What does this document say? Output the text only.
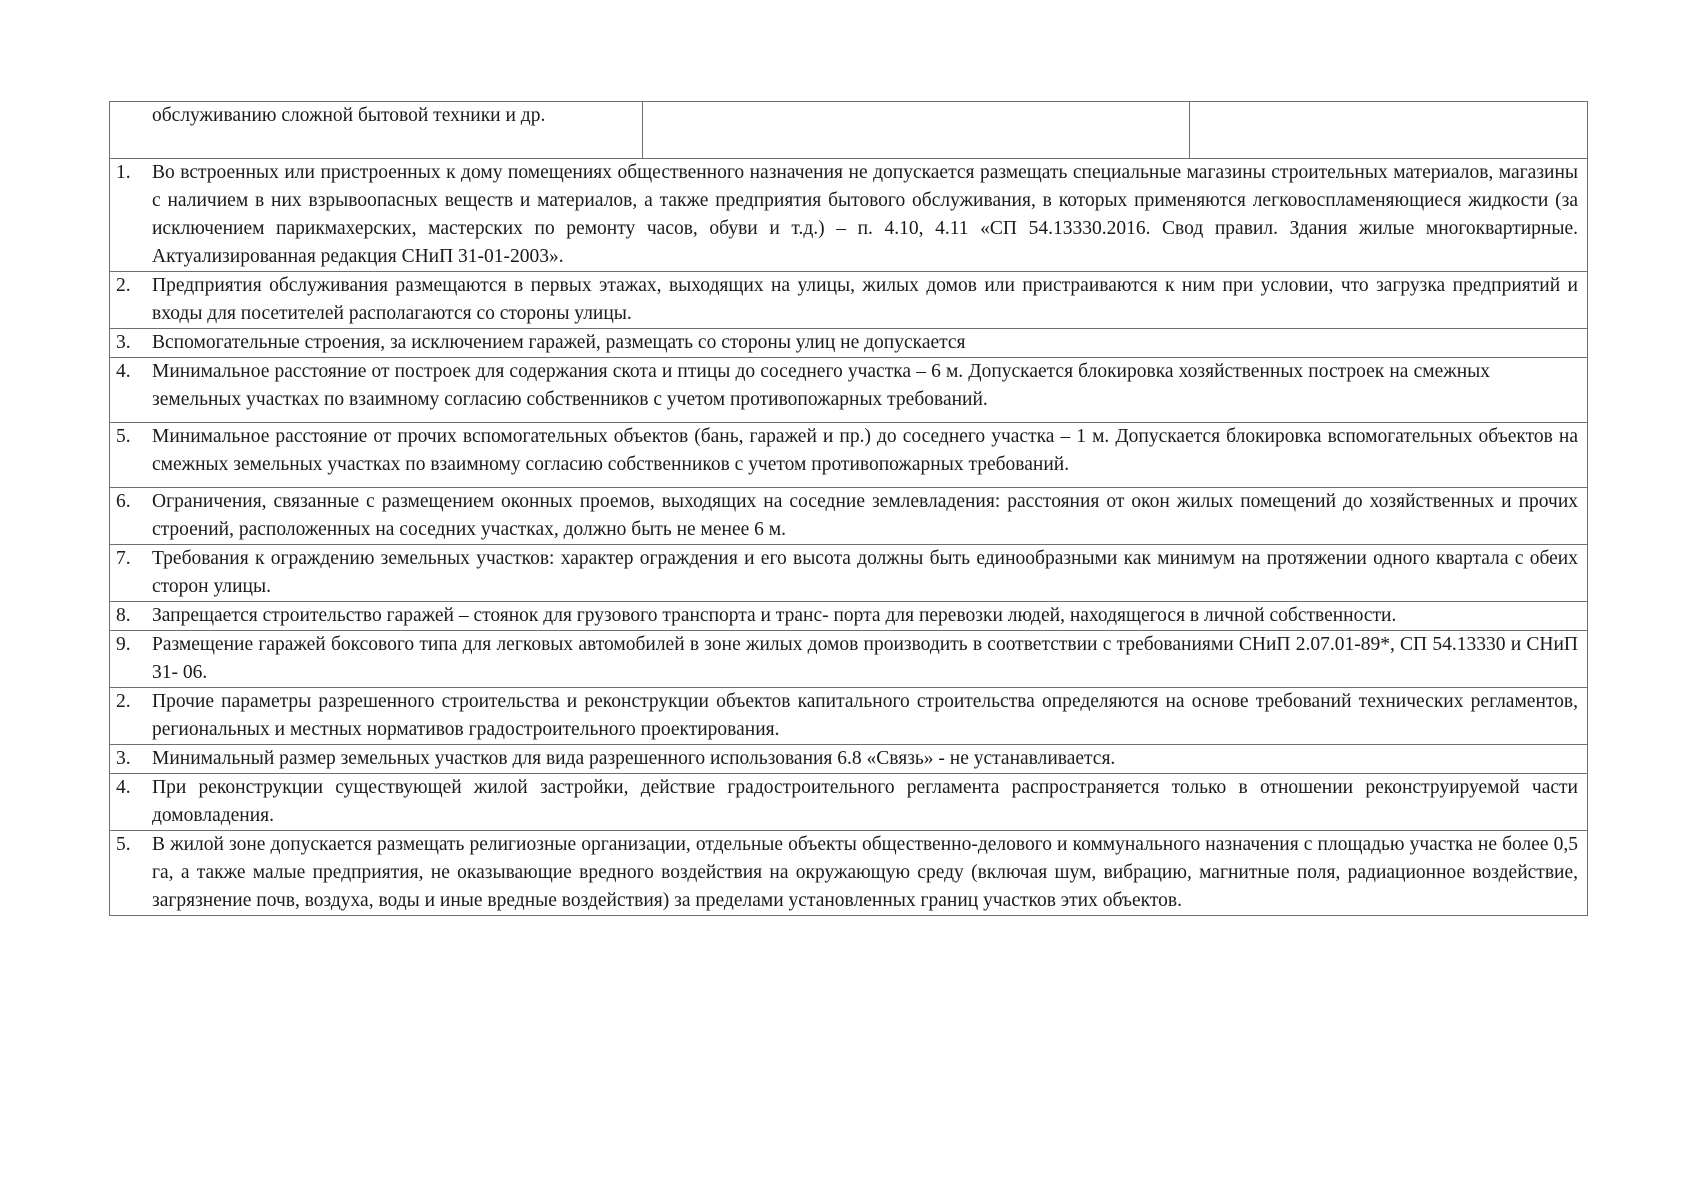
обслуживанию сложной бытовой техники и др.

1.	Во встроенных или пристроенных к дому помещениях общественного назначения не допускается размещать специальные магазины строительных материалов, магазины с наличием в них взрывоопасных веществ и материалов, а также предприятия бытового обслуживания, в которых применяются легковоспламеняющиеся жидкости (за исключением парикмахерских, мастерских по ремонту часов, обуви и т.д.) – п. 4.10, 4.11 «СП 54.13330.2016. Свод правил. Здания жилые многоквартирные. Актуализированная редакция СНиП 31-01-2003».

2.	Предприятия обслуживания размещаются в первых этажах, выходящих на улицы, жилых домов или пристраиваются к ним при условии, что загрузка предприятий и входы для посетителей располагаются со стороны улицы.

3.	Вспомогательные строения, за исключением гаражей, размещать со стороны улиц не допускается

4.	Минимальное расстояние от построек для содержания скота и птицы до соседнего участка – 6 м. Допускается блокировка хозяйственных построек на смежных земельных участках по взаимному согласию собственников с учетом противопожарных требований.

5.	Минимальное расстояние от прочих вспомогательных объектов (бань, гаражей и пр.) до соседнего участка – 1 м. Допускается блокировка вспомогательных объектов на смежных земельных участках по взаимному согласию собственников с учетом противопожарных требований.

6.	Ограничения, связанные с размещением оконных проемов, выходящих на соседние землевладения: расстояния от окон жилых помещений до хозяйственных и прочих строений, расположенных на соседних участках, должно быть не менее 6 м.

7.	Требования к ограждению земельных участков: характер ограждения и его высота должны быть единообразными как минимум на протяжении одного квартала с обеих сторон улицы.

8.	Запрещается строительство гаражей – стоянок для грузового транспорта и транс- порта для перевозки людей, находящегося в личной собственности.

9.	Размещение гаражей боксового типа для легковых автомобилей в зоне жилых домов производить в соответствии с требованиями СНиП 2.07.01-89*, СП 54.13330 и СНиП 31- 06.

2.	Прочие параметры разрешенного строительства и реконструкции объектов капитального строительства определяются на основе требований технических регламентов, региональных и местных нормативов градостроительного проектирования.

3.	Минимальный размер земельных участков для вида разрешенного использования 6.8 «Связь» - не устанавливается.

4.	При реконструкции существующей жилой застройки, действие градостроительного регламента распространяется только в отношении реконструируемой части домовладения.

5.	В жилой зоне допускается размещать религиозные организации, отдельные объекты общественно-делового и коммунального назначения с площадью участка не более 0,5 га, а также малые предприятия, не оказывающие вредного воздействия на окружающую среду (включая шум, вибрацию, магнитные поля, радиационное воздействие, загрязнение почв, воздуха, воды и иные вредные воздействия) за пределами установленных границ участков этих объектов.
